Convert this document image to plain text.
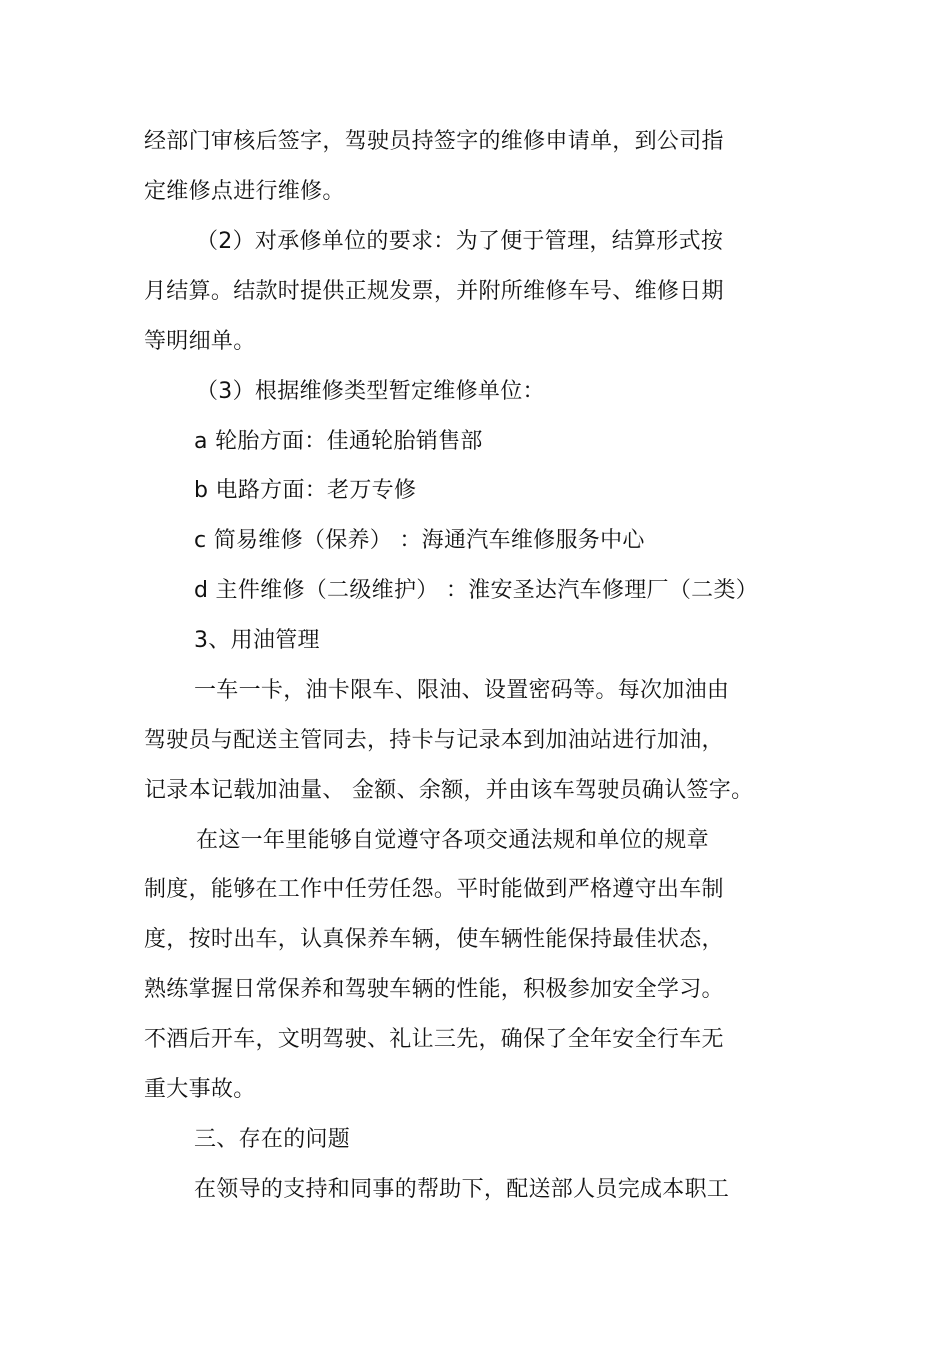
经部门审核后签字，驾驶员持签字的维修申请单，到公司指
定维修点进行维修。
（2）对承修单位的要求：为了便于管理，结算形式按
月结算。结款时提供正规发票，并附所维修车号、维修日期
等明细单。
（3）根据维修类型暂定维修单位：
a 轮胎方面：佳通轮胎销售部
b 电路方面：老万专修
c 简易维修（保养） ：海通汽车维修服务中心
d 主件维修（二级维护） ：淮安圣达汽车修理厂（二类）
3、用油管理
一车一卡，油卡限车、限油、设置密码等。每次加油由
驾驶员与配送主管同去，持卡与记录本到加油站进行加油，
记录本记载加油量、 金额、余额，并由该车驾驶员确认签字。
在这一年里能够自觉遵守各项交通法规和单位的规章
制度，能够在工作中任劳任怨。平时能做到严格遵守出车制
度，按时出车，认真保养车辆，使车辆性能保持最佳状态，
熟练掌握日常保养和驾驶车辆的性能，积极参加安全学习。
不酒后开车，文明驾驶、礼让三先，确保了全年安全行车无
重大事故。
三、存在的问题
在领导的支持和同事的帮助下，配送部人员完成本职工
